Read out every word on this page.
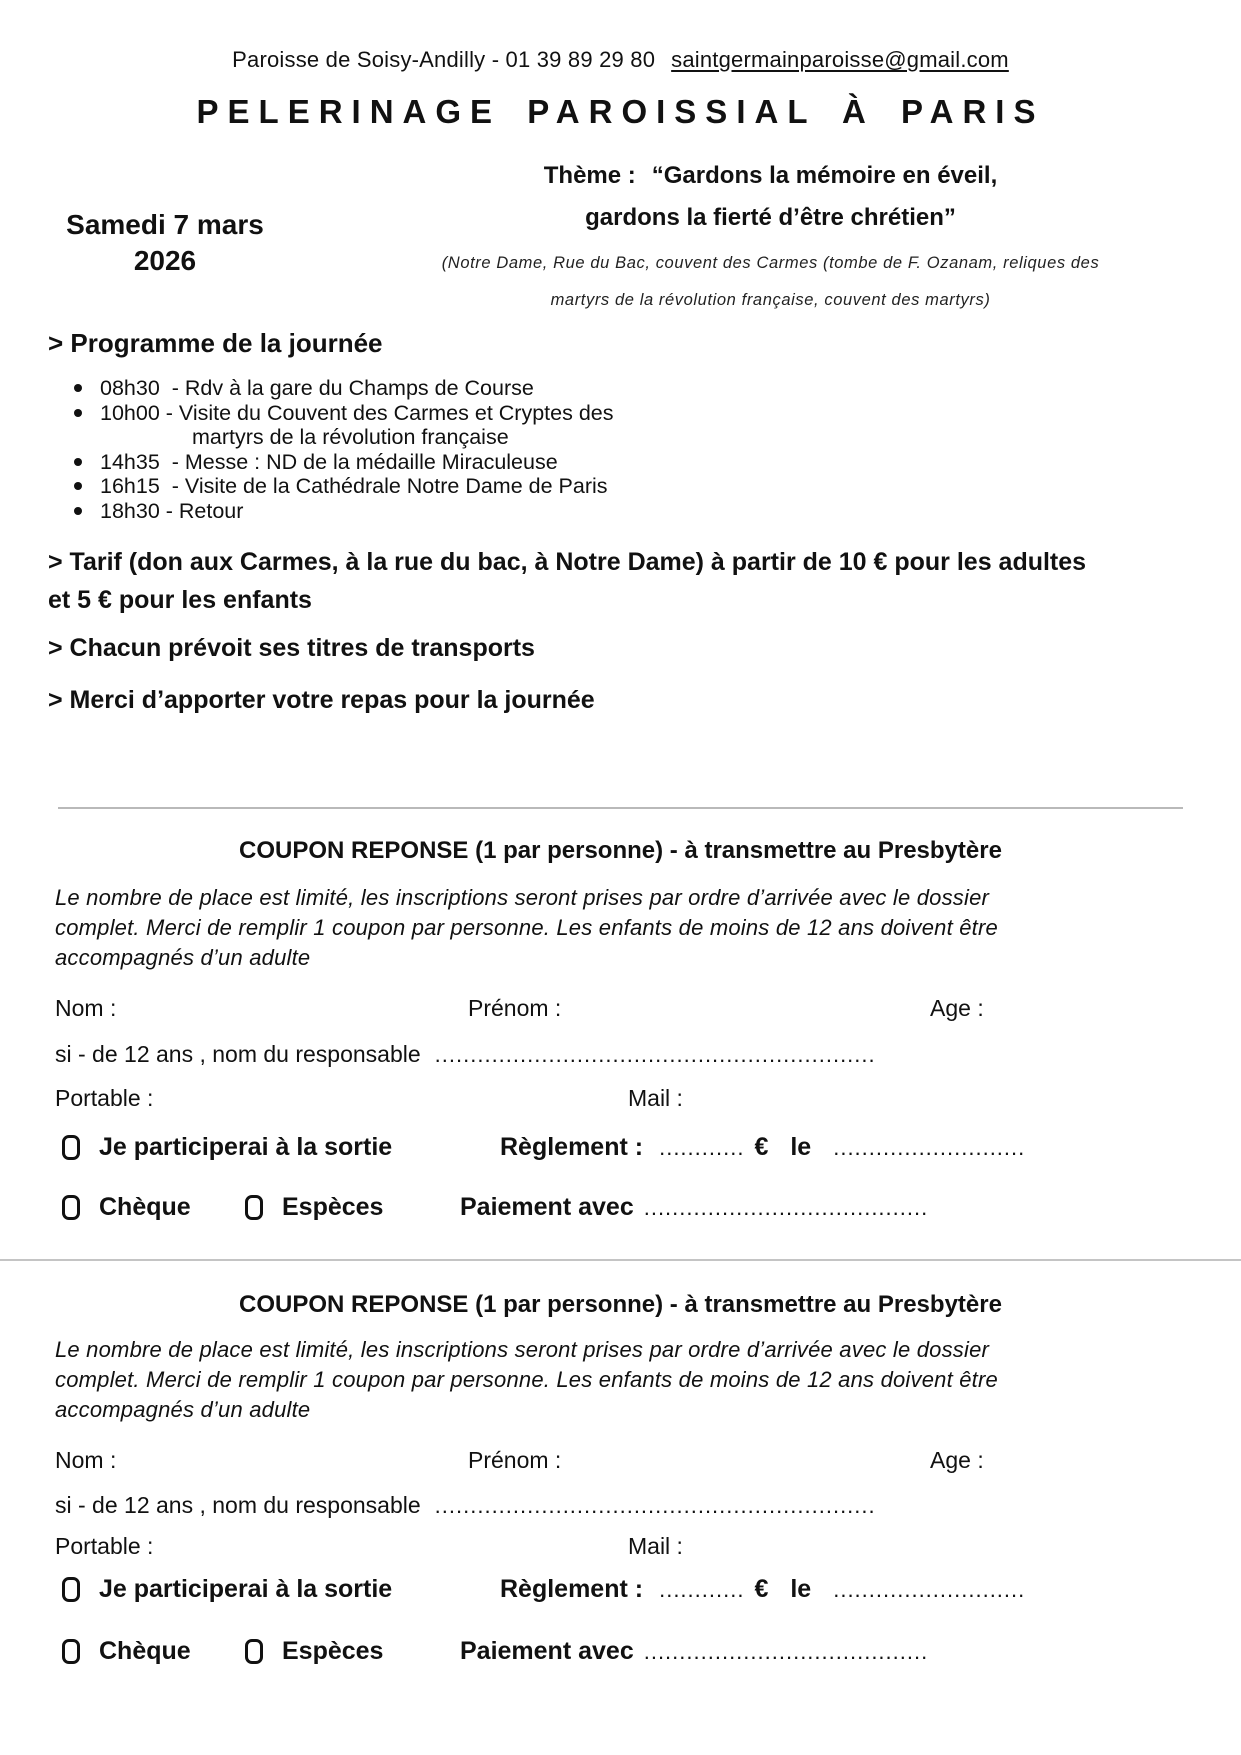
Paroisse de Soisy-Andilly - 01 39 89 29 80 saintgermainparoisse@gmail.com
PELERINAGE PAROISSIAL À PARIS
Samedi 7 mars
2026
Thème : “Gardons la mémoire en éveil,
gardons la fierté d’être chrétien”
(Notre Dame, Rue du Bac, couvent des Carmes (tombe de F. Ozanam, reliques des
martyrs de la révolution française, couvent des martyrs)
> Programme de la journée
08h30  - Rdv à la gare du Champs de Course
10h00 - Visite du Couvent des Carmes et Cryptes des
martyrs de la révolution française
14h35  - Messe : ND de la médaille Miraculeuse
16h15  - Visite de la Cathédrale Notre Dame de Paris
18h30 - Retour
> Tarif (don aux Carmes, à la rue du bac, à Notre Dame) à partir de 10 € pour les adultes et 5 € pour les enfants
> Chacun prévoit ses titres de transports
> Merci d’apporter votre repas pour la journée
COUPON REPONSE (1 par personne) - à transmettre au Presbytère
Le nombre de place est limité, les inscriptions seront prises par ordre d’arrivée avec le dossier complet. Merci de remplir 1 coupon par personne. Les enfants de moins de 12 ans doivent être accompagnés d’un adulte
Nom :	Prénom :	Age :
si - de 12 ans , nom du responsable ..............................................................
Portable :	Mail :
Je participerai à la sortie	Règlement : ............ € le ...........................
Chèque	Espèces	Paiement avec ........................................
COUPON REPONSE (1 par personne) - à transmettre au Presbytère
Le nombre de place est limité, les inscriptions seront prises par ordre d’arrivée avec le dossier complet. Merci de remplir 1 coupon par personne. Les enfants de moins de 12 ans doivent être accompagnés d’un adulte
Nom :	Prénom :	Age :
si - de 12 ans , nom du responsable ..............................................................
Portable :	Mail :
Je participerai à la sortie	Règlement : ............ € le ...........................
Chèque	Espèces	Paiement avec ........................................
